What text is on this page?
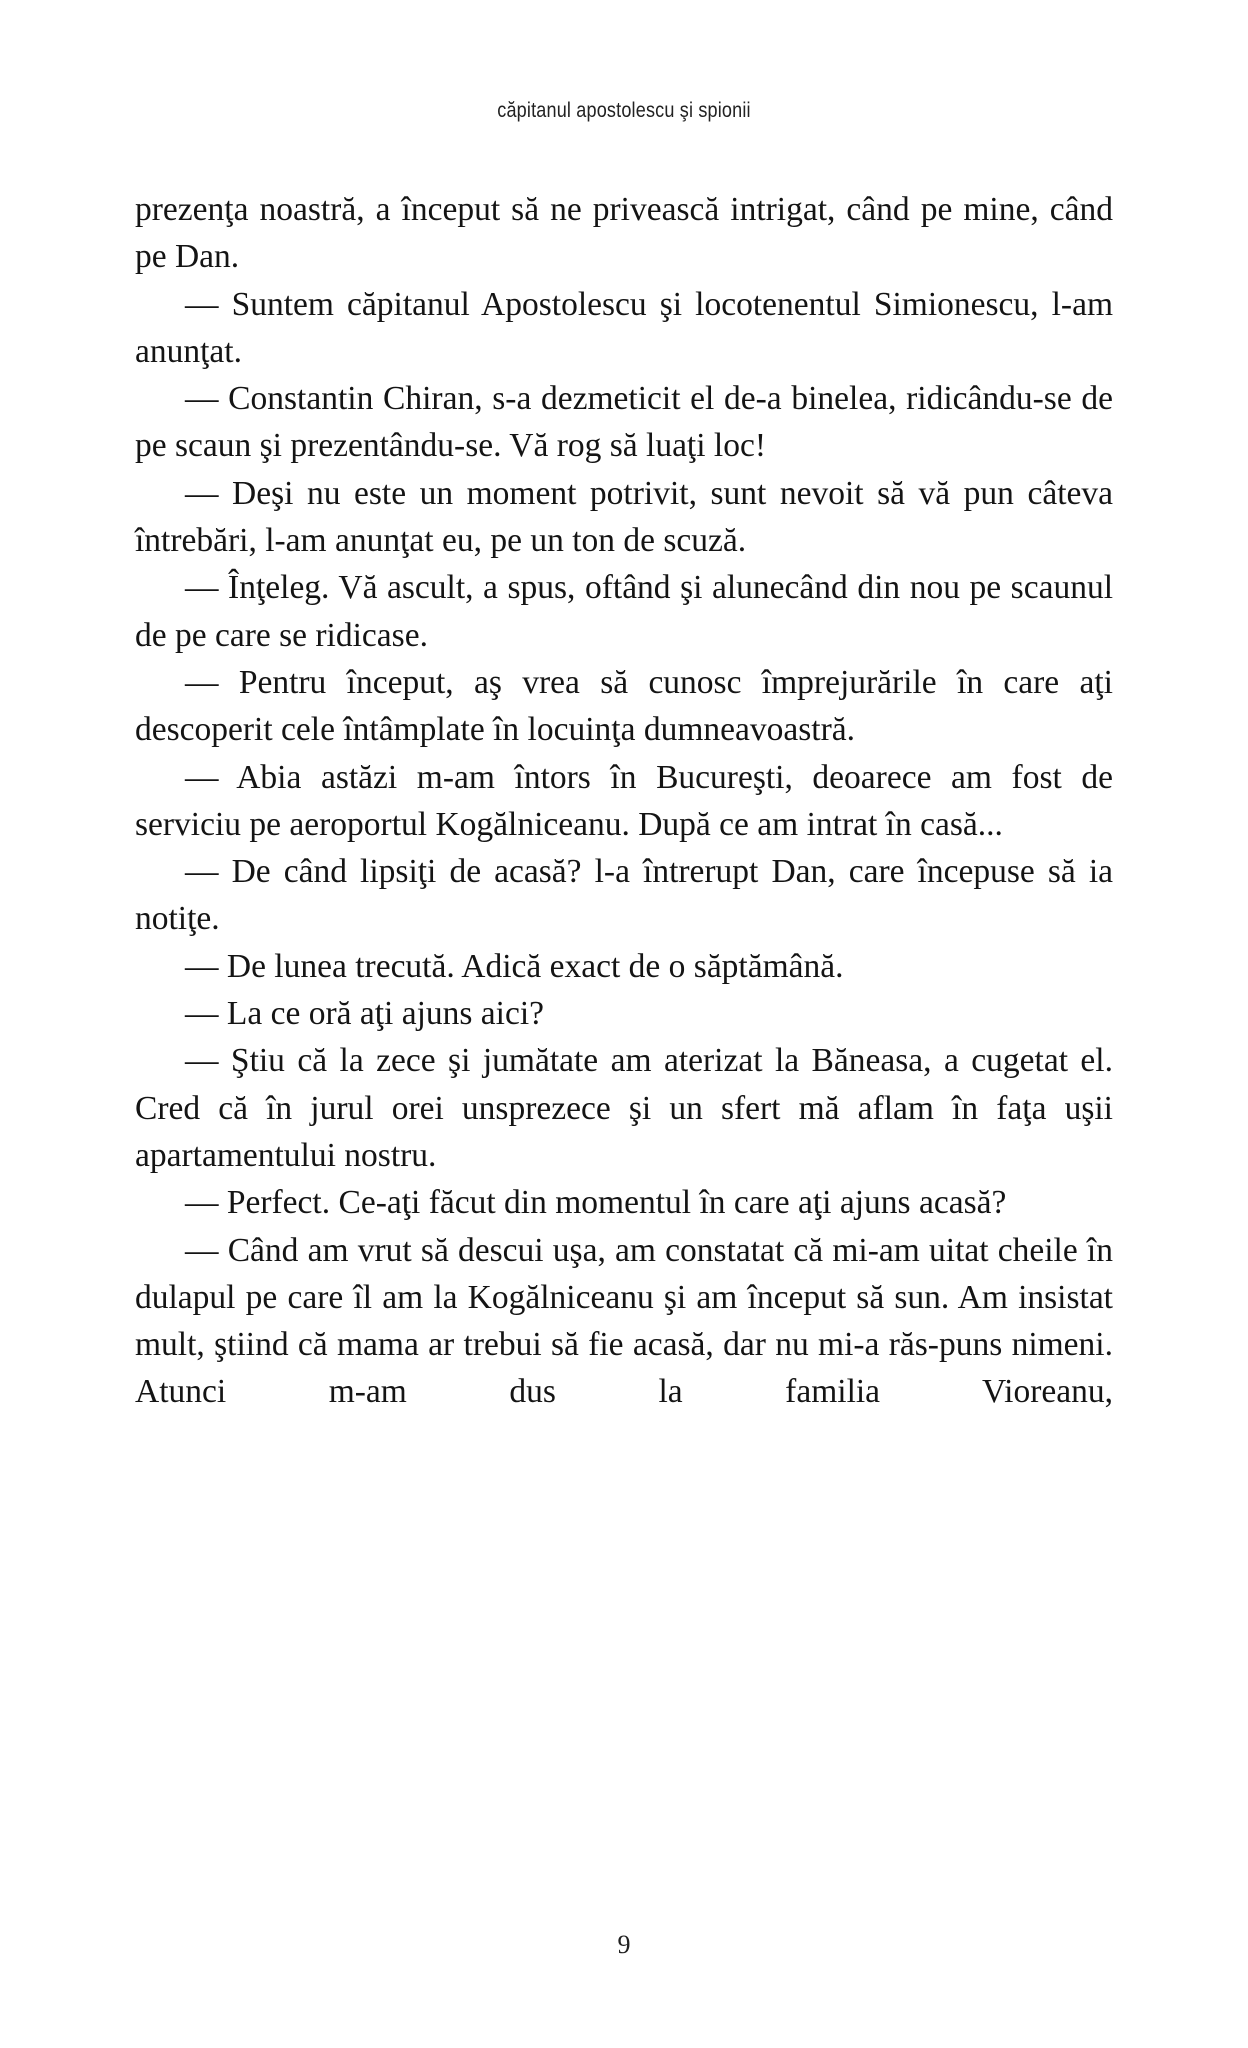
căpitanul apostolescu şi spionii

prezenţa noastră, a început să ne privească intrigat, când pe mine, când pe Dan.

— Suntem căpitanul Apostolescu şi locotenentul Simionescu, l-am anunţat.

— Constantin Chiran, s-a dezmeticit el de-a binelea, ridicându-se de pe scaun şi prezentându-se. Vă rog să luaţi loc!

— Deşi nu este un moment potrivit, sunt nevoit să vă pun câteva întrebări, l-am anunţat eu, pe un ton de scuză.

— Înţeleg. Vă ascult, a spus, oftând şi alunecând din nou pe scaunul de pe care se ridicase.

— Pentru început, aş vrea să cunosc împrejurările în care aţi descoperit cele întâmplate în locuinţa dumneavoastră.

— Abia astăzi m-am întors în Bucureşti, deoarece am fost de serviciu pe aeroportul Kogălniceanu. După ce am intrat în casă...

— De când lipsiţi de acasă? l-a întrerupt Dan, care începuse să ia notiţe.

— De lunea trecută. Adică exact de o săptămână.

— La ce oră aţi ajuns aici?

— Ştiu că la zece şi jumătate am aterizat la Băneasa, a cugetat el. Cred că în jurul orei unsprezece şi un sfert mă aflam în faţa uşii apartamentului nostru.

— Perfect. Ce-aţi făcut din momentul în care aţi ajuns acasă?

— Când am vrut să descui uşa, am constatat că mi-am uitat cheile în dulapul pe care îl am la Kogălniceanu şi am început să sun. Am insistat mult, ştiind că mama ar trebui să fie acasă, dar nu mi-a răs-puns nimeni. Atunci m-am dus la familia Vioreanu,

9
